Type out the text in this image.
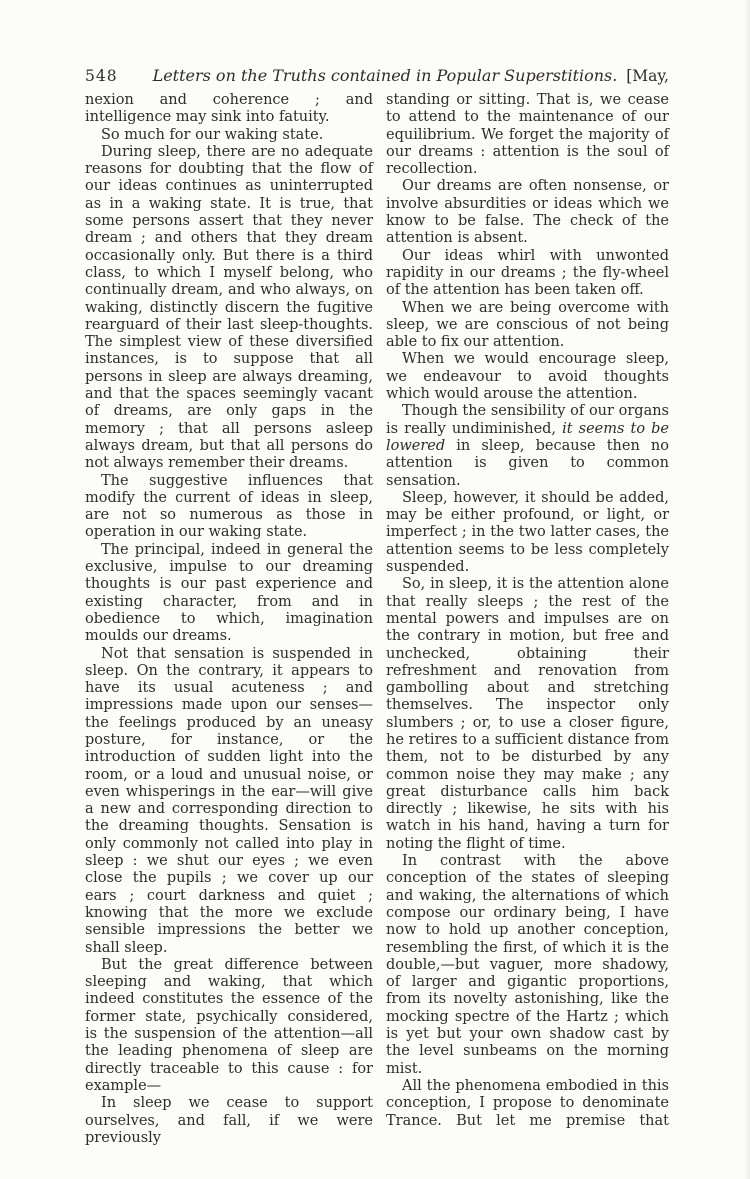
548	Letters on the Truths contained in Popular Superstitions. [May,

nexion and coherence ; and intelligence may sink into fatuity.

So much for our waking state.

During sleep, there are no adequate reasons for doubting that the flow of our ideas continues as uninterrupted as in a waking state. It is true, that some persons assert that they never dream ; and others that they dream occasionally only. But there is a third class, to which I myself belong, who continually dream, and who always, on waking, distinctly discern the fugitive rearguard of their last sleep-thoughts. The simplest view of these diversified instances, is to suppose that all persons in sleep are always dreaming, and that the spaces seemingly vacant of dreams, are only gaps in the memory ; that all persons asleep always dream, but that all persons do not always remember their dreams.

The suggestive influences that modify the current of ideas in sleep, are not so numerous as those in operation in our waking state.

The principal, indeed in general the exclusive, impulse to our dreaming thoughts is our past experience and existing character, from and in obedience to which, imagination moulds our dreams.

Not that sensation is suspended in sleep. On the contrary, it appears to have its usual acuteness ; and impressions made upon our senses—the feelings produced by an uneasy posture, for instance, or the introduction of sudden light into the room, or a loud and unusual noise, or even whisperings in the ear—will give a new and corresponding direction to the dreaming thoughts. Sensation is only commonly not called into play in sleep : we shut our eyes ; we even close the pupils ; we cover up our ears ; court darkness and quiet ; knowing that the more we exclude sensible impressions the better we shall sleep.

But the great difference between sleeping and waking, that which indeed constitutes the essence of the former state, psychically considered, is the suspension of the attention—all the leading phenomena of sleep are directly traceable to this cause : for example—

In sleep we cease to support ourselves, and fall, if we were previously

standing or sitting. That is, we cease to attend to the maintenance of our equilibrium. We forget the majority of our dreams : attention is the soul of recollection.

Our dreams are often nonsense, or involve absurdities or ideas which we know to be false. The check of the attention is absent.

Our ideas whirl with unwonted rapidity in our dreams ; the fly-wheel of the attention has been taken off.

When we are being overcome with sleep, we are conscious of not being able to fix our attention.

When we would encourage sleep, we endeavour to avoid thoughts which would arouse the attention.

Though the sensibility of our organs is really undiminished, it seems to be lowered in sleep, because then no attention is given to common sensation.

Sleep, however, it should be added, may be either profound, or light, or imperfect ; in the two latter cases, the attention seems to be less completely suspended.

So, in sleep, it is the attention alone that really sleeps ; the rest of the mental powers and impulses are on the contrary in motion, but free and unchecked, obtaining their refreshment and renovation from gambolling about and stretching themselves. The inspector only slumbers ; or, to use a closer figure, he retires to a sufficient distance from them, not to be disturbed by any common noise they may make ; any great disturbance calls him back directly ; likewise, he sits with his watch in his hand, having a turn for noting the flight of time.

In contrast with the above conception of the states of sleeping and waking, the alternations of which compose our ordinary being, I have now to hold up another conception, resembling the first, of which it is the double,—but vaguer, more shadowy, of larger and gigantic proportions, from its novelty astonishing, like the mocking spectre of the Hartz ; which is yet but your own shadow cast by the level sunbeams on the morning mist.

All the phenomena embodied in this conception, I propose to denominate Trance. But let me premise that
